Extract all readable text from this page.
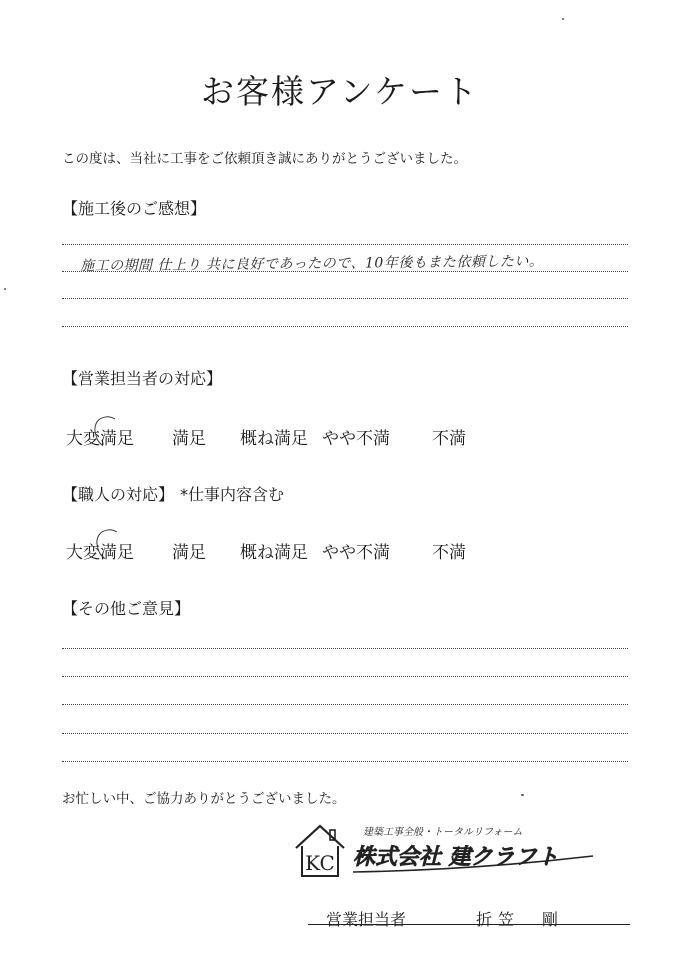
お客様アンケート
この度は、当社に工事をご依頼頂き誠にありがとうございました。
【施工後のご感想】
施工の期間 仕上り 共に良好であったので、10年後もまた依頼したい。
【営業担当者の対応】
大変満足 満足 概ね満足 やや不満 不満
【職人の対応】 *仕事内容含む
大変満足 満足 概ね満足 やや不満 不満
【その他ご意見】
お忙しい中、ご協力ありがとうございました。
KC
建築工事全般・トータルリフォーム
株式会社 建クラフト
営業担当者	折笠　剛
